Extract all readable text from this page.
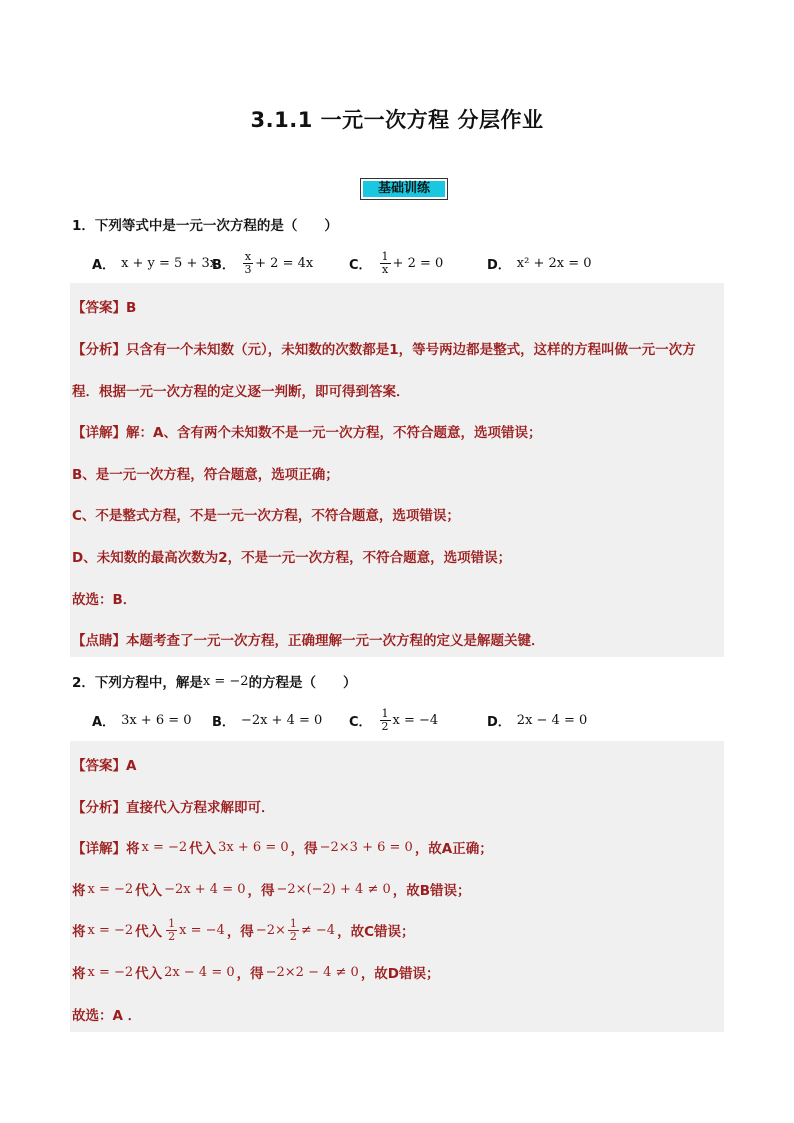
3.1.1 一元一次方程 分层作业
基础训练
1．下列等式中是一元一次方程的是（　　）
A． x + y = 5 + 3x
B． $\frac{x}{3} + 2 = 4x$	C． $\frac{1}{x} + 2 = 0$	D． x² + 2x = 0
【答案】B
【分析】只含有一个未知数（元），未知数的次数都是1，等号两边都是整式，这样的方程叫做一元一次方
程．根据一元一次方程的定义逐一判断，即可得到答案．
【详解】解：A、含有两个未知数不是一元一次方程，不符合题意，选项错误；
B、是一元一次方程，符合题意，选项正确；
C、不是整式方程，不是一元一次方程，不符合题意，选项错误；
D、未知数的最高次数为2，不是一元一次方程，不符合题意，选项错误；
故选：B．
【点睛】本题考查了一元一次方程，正确理解一元一次方程的定义是解题关键．
2．下列方程中，解是 x = −2 的方程是（　　）
A． 3x + 6 = 0 B． −2x + 4 = 0 C． $\frac{1}{2}$ x = −4	D． 2x − 4 = 0
【答案】A
【分析】直接代入方程求解即可．
【详解】将 x = −2 代入 3x + 6 = 0 ，得 −2×3 + 6 = 0 ，故A正确；
将 x = −2 代入 −2x + 4 = 0 ，得 −2×(−2) + 4 ≠ 0 ，故B错误；
将 x = −2 代入 $\frac{1}{2}$ x = −4 ，得 $-2\times \frac{1}{2} \ne -4$ ，故C错误；
将 x = −2 代入 2x − 4 = 0 ，得 −2×2 − 4 ≠ 0 ，故D错误；
故选：A ．
